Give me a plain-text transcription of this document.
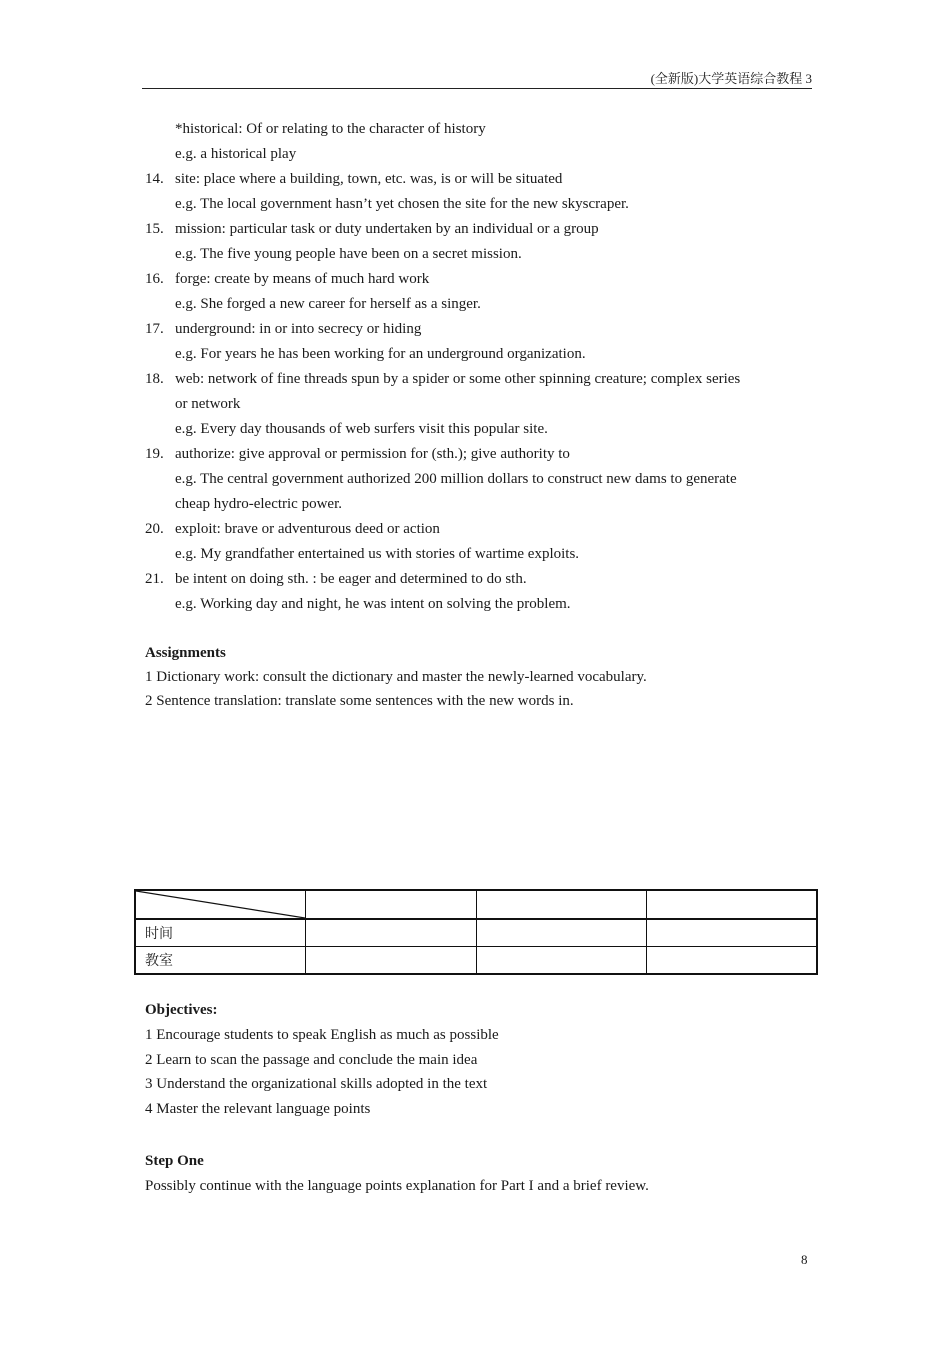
(全新版)大学英语综合教程 3
*historical: Of or relating to the character of history
e.g. a historical play
14. site: place where a building, town, etc. was, is or will be situated
e.g. The local government hasn’t yet chosen the site for the new skyscraper.
15. mission: particular task or duty undertaken by an individual or a group
e.g. The five young people have been on a secret mission.
16. forge: create by means of much hard work
e.g. She forged a new career for herself as a singer.
17. underground: in or into secrecy or hiding
e.g. For years he has been working for an underground organization.
18. web: network of fine threads spun by a spider or some other spinning creature; complex series
or network
e.g. Every day thousands of web surfers visit this popular site.
19. authorize: give approval or permission for (sth.); give authority to
e.g. The central government authorized 200 million dollars to construct new dams to generate
cheap hydro-electric power.
20. exploit: brave or adventurous deed or action
e.g. My grandfather entertained us with stories of wartime exploits.
21. be intent on doing sth. : be eager and determined to do sth.
e.g. Working day and night, he was intent on solving the problem.
Assignments
1 Dictionary work: consult the dictionary and master the newly-learned vocabulary.
2 Sentence translation: translate some sentences with the new words in.

时间			
教室			
Objectives:
1 Encourage students to speak English as much as possible
2 Learn to scan the passage and conclude the main idea
3 Understand the organizational skills adopted in the text
4 Master the relevant language points
Step One
Possibly continue with the language points explanation for Part I and a brief review.
8
